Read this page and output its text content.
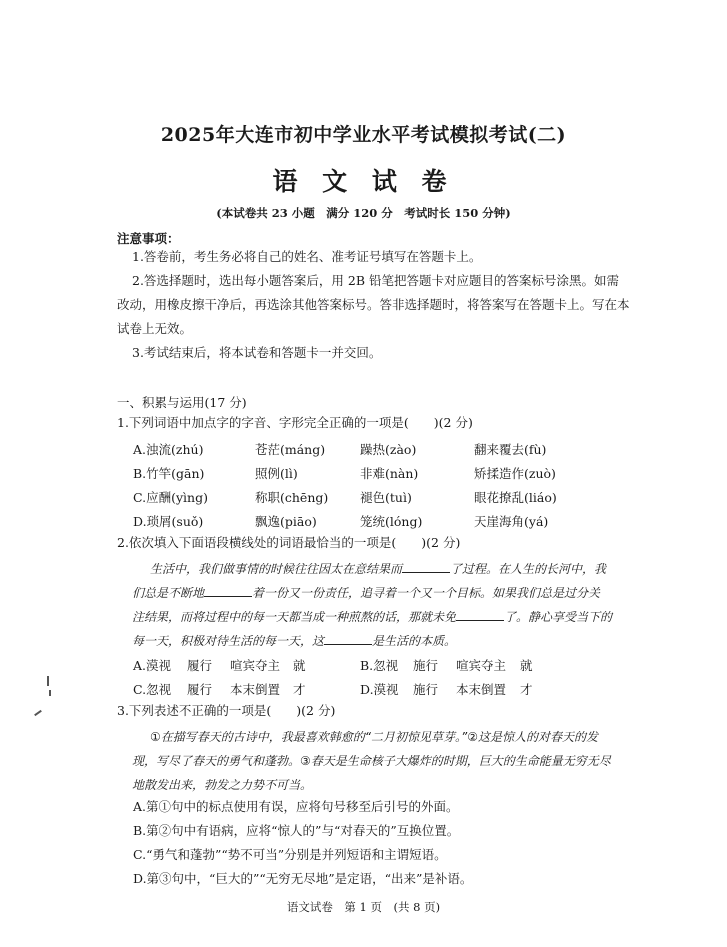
2025年大连市初中学业水平考试模拟考试(二)
语 文 试 卷
(本试卷共 23 小题　满分 120 分　考试时长 150 分钟)
注意事项：
1.答卷前，考生务必将自己的姓名、准考证号填写在答题卡上。
2.答选择题时，选出每小题答案后，用 2B 铅笔把答题卡对应题目的答案标号涂黑。如需
改动，用橡皮擦干净后，再选涂其他答案标号。答非选择题时，将答案写在答题卡上。写在本
试卷上无效。
3.考试结束后，将本试卷和答题卡一并交回。
一、积累与运用(17 分)
1.下列词语中加点字的字音、字形完全正确的一项是(　　)(2 分)
A.浊流(zhú)	苍茫(máng)	躁热(zào)	翻来覆去(fù)
B.竹竿(gān)	照例(lì)	非难(nàn)	矫揉造作(zuò)
C.应酬(yìng)	称职(chēng)	褪色(tuì)	眼花撩乱(liáo)
D.琐屑(suǒ)	飘逸(piāo)	笼统(lóng)	天崖海角(yá)
2.依次填入下面语段横线处的词语最恰当的一项是(　　)(2 分)
生活中，我们做事情的时候往往因太在意结果而	了过程。在人生的长河中，我
们总是不断地	着一份又一份责任，追寻着一个又一个目标。如果我们总是过分关
注结果，而将过程中的每一天都当成一种煎熬的话，那就未免	了。静心享受当下的
每一天，积极对待生活的每一天，这	是生活的本质。
A.漠视 履行 喧宾夺主 就	B.忽视 施行 喧宾夺主 就
C.忽视 履行 本末倒置 才	D.漠视 施行 本末倒置 才
3.下列表述不正确的一项是(　　)(2 分)
①在描写春天的古诗中，我最喜欢韩愈的“二月初惊见草芽。”②这是惊人的对春天的发
现，写尽了春天的勇气和蓬勃。③春天是生命核子大爆炸的时期，巨大的生命能量无穷无尽
地散发出来，勃发之力势不可当。
A.第①句中的标点使用有误，应将句号移至后引号的外面。
B.第②句中有语病，应将“惊人的”与“对春天的”互换位置。
C.“勇气和蓬勃”“势不可当”分别是并列短语和主谓短语。
D.第③句中，“巨大的”“无穷无尽地”是定语，“出来”是补语。
语文试卷　第 1 页　(共 8 页)
